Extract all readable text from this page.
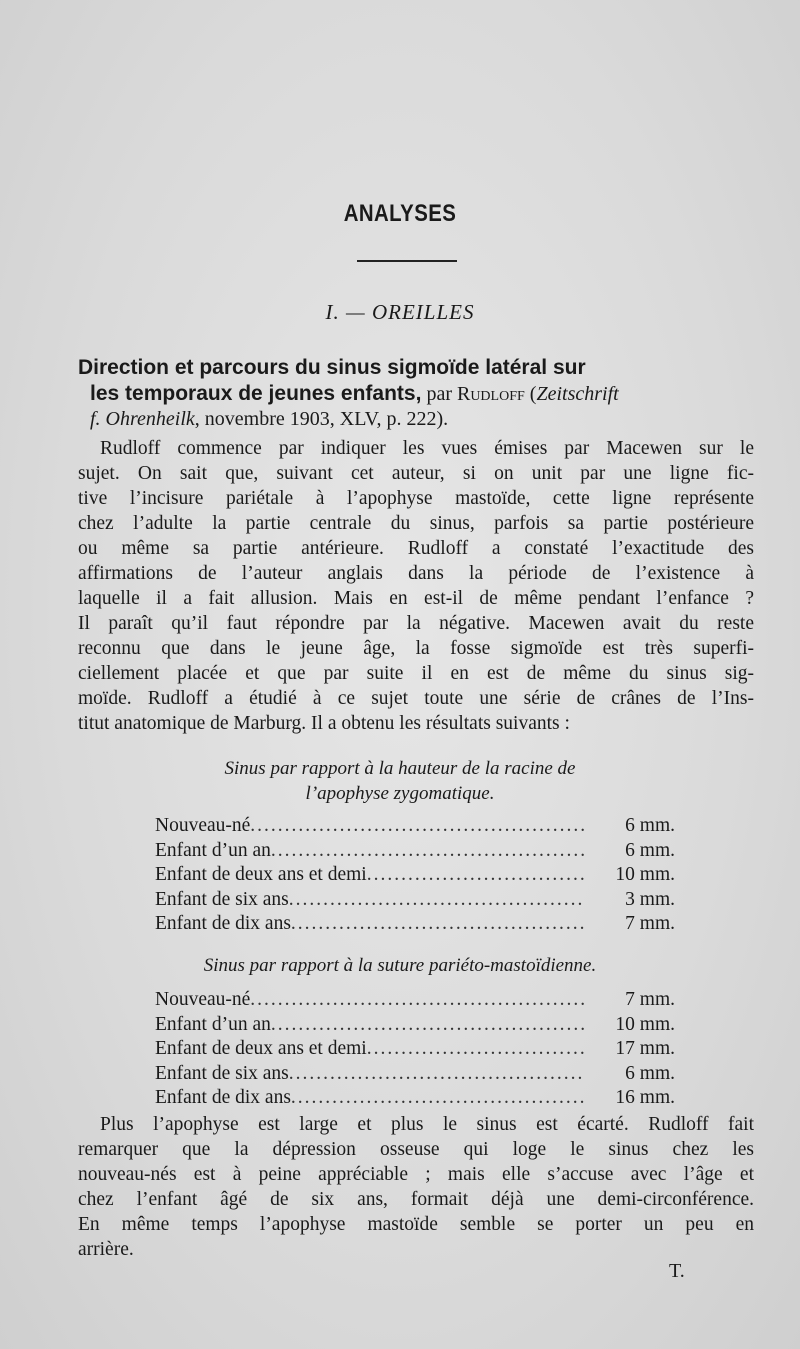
ANALYSES
I. — OREILLES
Direction et parcours du sinus sigmoïde latéral sur
les temporaux de jeunes enfants, par Rudloff (Zeitschrift
f. Ohrenheilk, novembre 1903, XLV, p. 222).
Rudloff commence par indiquer les vues émises par Macewen sur le
sujet. On sait que, suivant cet auteur, si on unit par une ligne fic-
tive l’incisure pariétale à l’apophyse mastoïde, cette ligne représente
chez l’adulte la partie centrale du sinus, parfois sa partie postérieure
ou même sa partie antérieure. Rudloff a constaté l’exactitude des
affirmations de l’auteur anglais dans la période de l’existence à
laquelle il a fait allusion. Mais en est-il de même pendant l’enfance ?
Il paraît qu’il faut répondre par la négative. Macewen avait du reste
reconnu que dans le jeune âge, la fosse sigmoïde est très superfi-
ciellement placée et que par suite il en est de même du sinus sig-
moïde. Rudloff a étudié à ce sujet toute une série de crânes de l’Ins-
titut anatomique de Marburg. Il a obtenu les résultats suivants :
Sinus par rapport à la hauteur de la racine de
l’apophyse zygomatique.
Nouveau-né .....	6 mm.
Enfant d’un an .....	6 mm.
Enfant de deux ans et demi .....	10 mm.
Enfant de six ans .....	3 mm.
Enfant de dix ans .....	7 mm.
Sinus par rapport à la suture pariéto-mastoïdienne.
Nouveau-né .....	7 mm.
Enfant d’un an .....	10 mm.
Enfant de deux ans et demi .....	17 mm.
Enfant de six ans .....	6 mm.
Enfant de dix ans .....	16 mm.
Plus l’apophyse est large et plus le sinus est écarté. Rudloff fait
remarquer que la dépression osseuse qui loge le sinus chez les
nouveau-nés est à peine appréciable ; mais elle s’accuse avec l’âge et
chez l’enfant âgé de six ans, formait déjà une demi-circonférence.
En même temps l’apophyse mastoïde semble se porter un peu en
arrière.
T.
